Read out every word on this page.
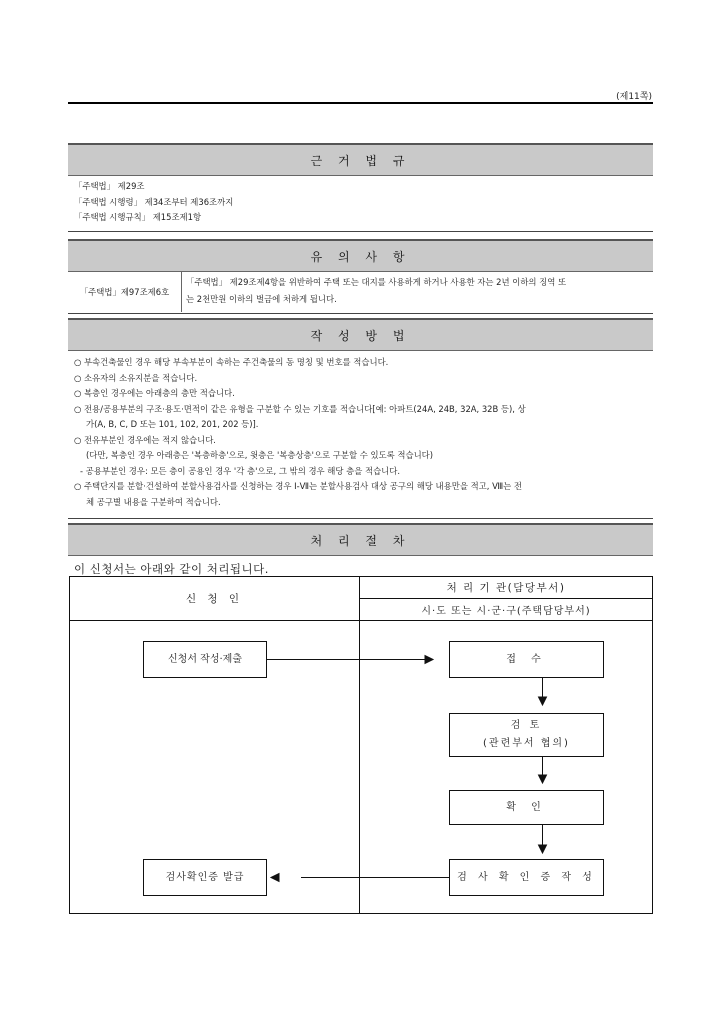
(제11쪽)
근 거 법 규
「주택법」 제29조
「주택법 시행령」 제34조부터 제36조까지
「주택법 시행규칙」 제15조제1항
유 의 사 항
「주택법」제97조제6호
「주택법」 제29조제4항을 위반하여 주택 또는 대지를 사용하게 하거나 사용한 자는 2년 이하의 징역 또
는 2천만원 이하의 벌금에 처하게 됩니다.
작 성 방 법

○ 부속건축물인 경우 해당 부속부분이 속하는 주건축물의 동 명칭 및 번호를 적습니다.

○ 소유자의 소유지분을 적습니다.

○ 복층인 경우에는 아래층의 층만 적습니다.

○ 전용/공용부분의 구조·용도·면적이 같은 유형을 구분할 수 있는 기호를 적습니다[예: 아파트(24A, 24B, 32A, 32B 등), 상

가(A, B, C, D 또는 101, 102, 201, 202 등)].

○ 전유부분인 경우에는 적지 않습니다.

(다만, 복층인 경우 아래층은 '복층하층'으로, 윗층은 '복층상층'으로 구분할 수 있도록 적습니다)

- 공용부분인 경우: 모든 층이 공용인 경우 '각 층'으로, 그 밖의 경우 해당 층을 적습니다.

○ 주택단지를 분할·건설하여 분할사용검사를 신청하는 경우 Ⅰ-Ⅶ는 분할사용검사 대상 공구의 해당 내용만을 적고, Ⅷ는 전

체 공구별 내용을 구분하여 적습니다.

처 리 절 차
이 신청서는 아래와 같이 처리됩니다.
신 청 인
처 리 기 관(담당부서)
시·도 또는 시·군·구(주택담당부서)
신청서 작성·제출	접 수
검 토
(관련부서 협의)
확 인
검 사 확 인 증 작 성
검사확인증 발급
